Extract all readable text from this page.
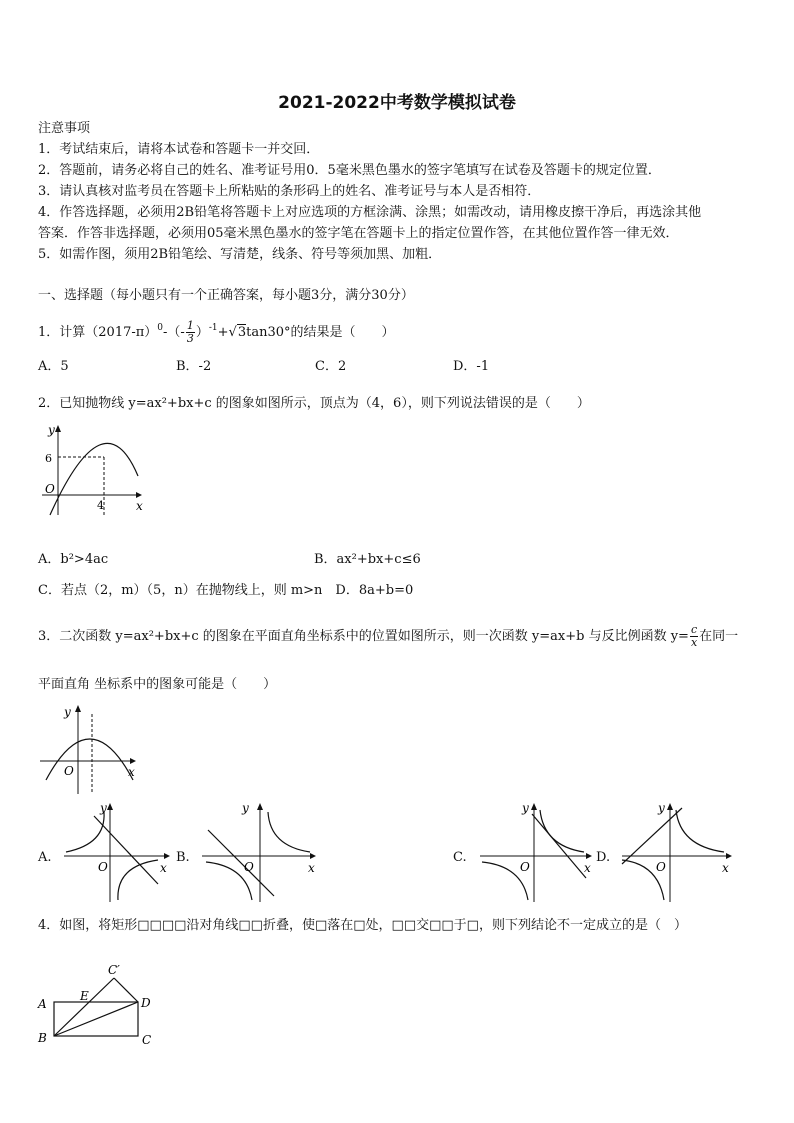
2021-2022中考数学模拟试卷
注意事项
1．考试结束后，请将本试卷和答题卡一并交回．
2．答题前，请务必将自己的姓名、准考证号用0．5毫米黑色墨水的签字笔填写在试卷及答题卡的规定位置．
3．请认真核对监考员在答题卡上所粘贴的条形码上的姓名、准考证号与本人是否相符．
4．作答选择题，必须用2B铅笔将答题卡上对应选项的方框涂满、涂黑；如需改动，请用橡皮擦干净后，再选涂其他
答案．作答非选择题，必须用05毫米黑色墨水的签字笔在答题卡上的指定位置作答，在其他位置作答一律无效．
5．如需作图，须用2B铅笔绘、写清楚，线条、符号等须加黑、加粗．
一、选择题（每小题只有一个正确答案，每小题3分，满分30分）
1．计算$(2017-\pi)^0-(- \frac{1}{3} )^{-1}+√3\tan 30^\circ$的结果是（　　）
A．5	B．-2	C．2	D．-1
2．已知抛物线 y=ax²+bx+c 的图象如图所示，顶点为（4，6），则下列说法错误的是（　　）
y
x
O
6
4
A．b²>4ac	B．ax²+bx+c≤6
C．若点（2，m）（5，n）在抛物线上，则 m>n　D．8a+b=0
3．二次函数 y=ax²+bx+c 的图象在平面直角坐标系中的位置如图所示，则一次函数 y=ax+b 与反比例函数 $y= \frac{c}{x}$ 在同一
平面直角 坐标系中的图象可能是（　　）
y
x
O
A.
y
x
O
B.
y
x
O
C.
y
x
O
D.
y
x
O
4．如图，将矩形□□□□沿对角线□□折叠，使□落在□处，□□交□□于□，则下列结论不一定成立的是（　）
C′
E
A	D
B	C
